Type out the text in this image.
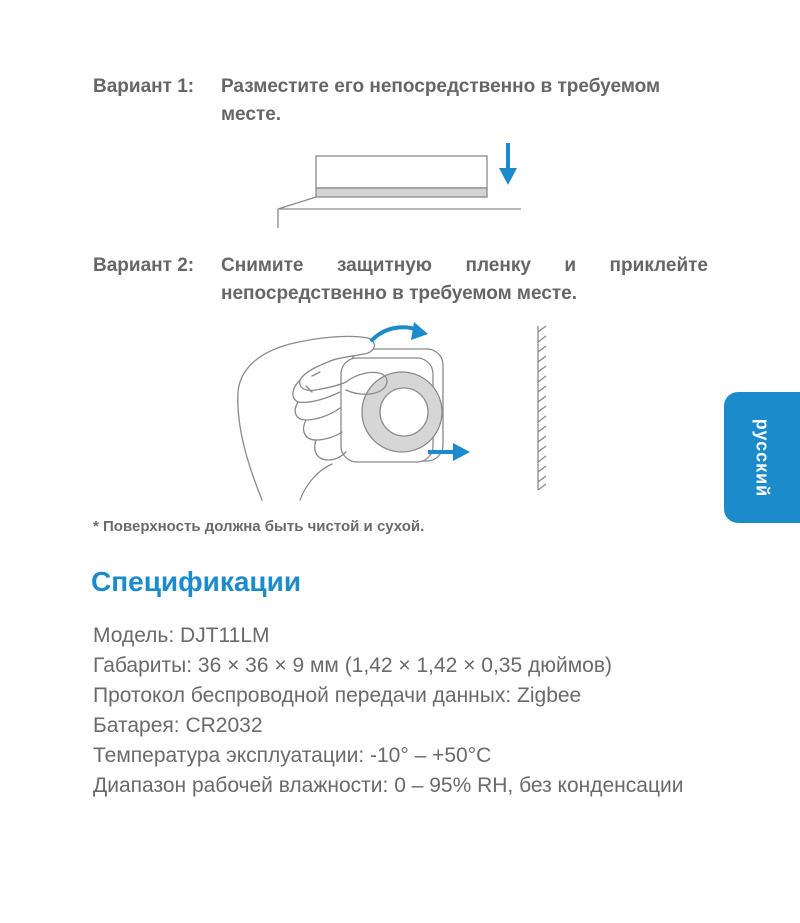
Вариант 1: Разместите его непосредственно в требуемом месте.
Вариант 2: Снимите защитную пленку и приклейте непосредственно в требуемом месте.
* Поверхность должна быть чистой и сухой.
русский
Спецификации
Модель: DJT11LM
Габариты: 36 × 36 × 9 мм (1,42 × 1,42 × 0,35 дюймов)
Протокол беспроводной передачи данных: Zigbee
Батарея: CR2032
Температура эксплуатации: -10° – +50°C
Диапазон рабочей влажности: 0 – 95% RH, без конденсации
